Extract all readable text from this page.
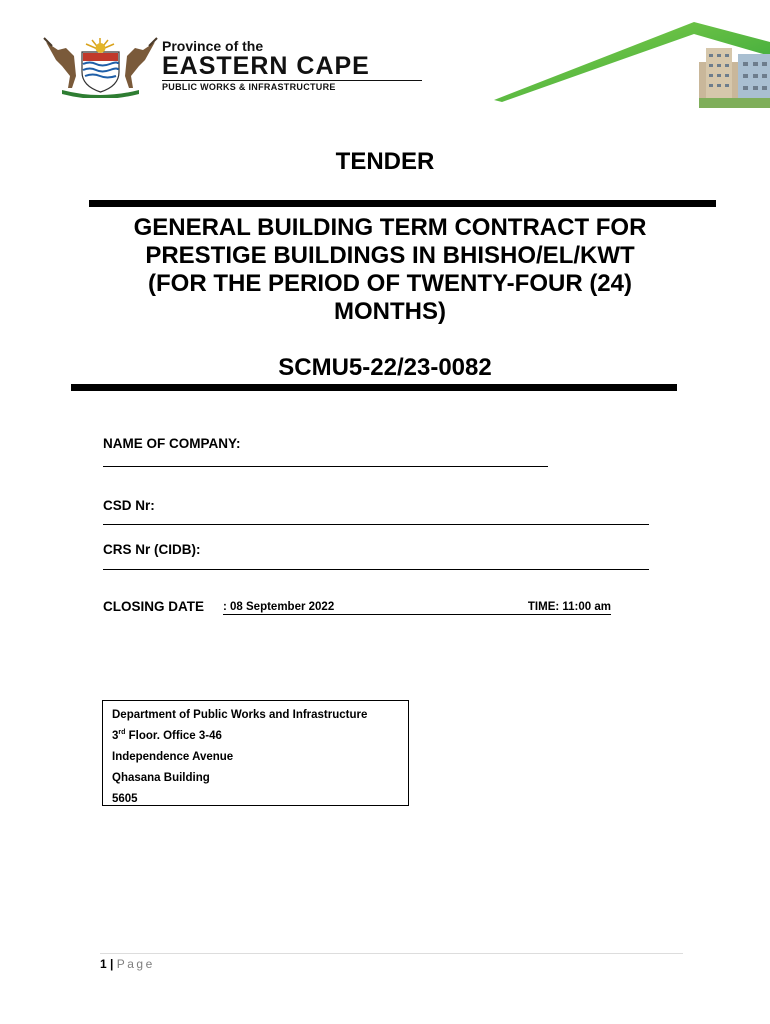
Province of the
EASTERN CAPE
PUBLIC WORKS & INFRASTRUCTURE
TENDER
GENERAL BUILDING TERM CONTRACT FOR
PRESTIGE BUILDINGS IN BHISHO/EL/KWT
(FOR THE PERIOD OF TWENTY-FOUR (24)
MONTHS)
SCMU5-22/23-0082
NAME OF COMPANY:
CSD Nr:
CRS Nr (CIDB):
CLOSING DATE : 08 September 2022	TIME: 11:00 am
Department of Public Works and Infrastructure
3rd Floor. Office 3-46
Independence Avenue
Qhasana Building
5605
1 | Page
